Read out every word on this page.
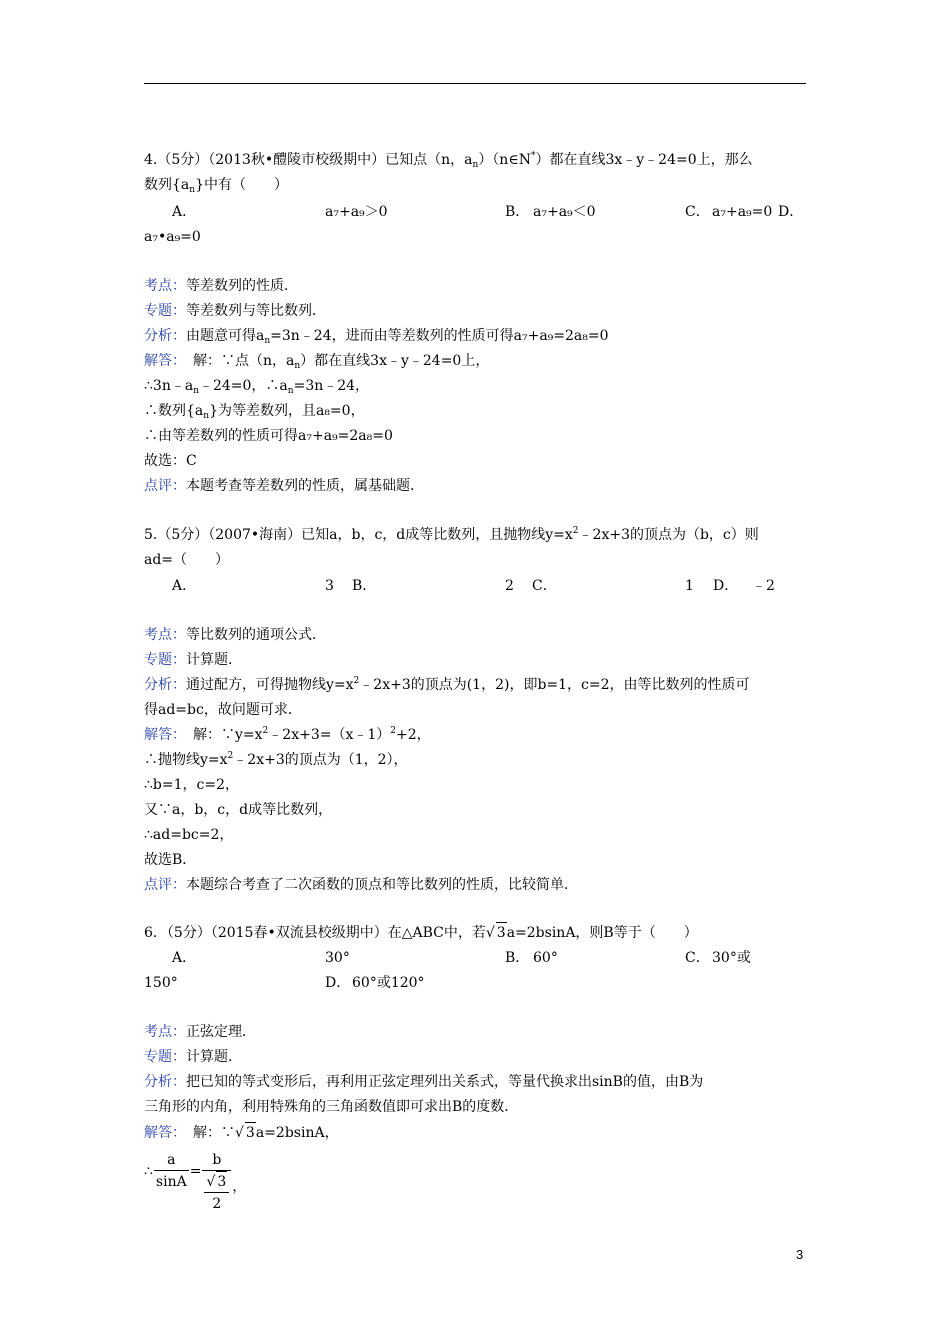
4.（5分）（2013秋•醴陵市校级期中）已知点（n，$a_n)(n\in N^*)$都在直线3x﹣y﹣24=0上，那么
数列$\{a_n\}$中有（　　）
A．	a₇+a₉＞0	B． a₇+a₉＜0	C． a₇+a₉=0 D．
a₇•a₉=0
考点：等差数列的性质．
专题：等差数列与等比数列．
分析：由题意可得$a_n=3n﹣24$，进而由等差数列的性质可得a₇+a₉=2a₈=0
解答：　解：∵点（n，$a_n$）都在直线3x﹣y﹣24=0上，
$\therefore 3n﹣a_n﹣24=0$，$\therefore a_n=3n﹣24$，
∴数列$\{a_n\}$为等差数列，且a₈=0，
∴由等差数列的性质可得a₇+a₉=2a₈=0
故选：C
点评：本题考查等差数列的性质，属基础题．
5.（5分）（2007•海南）已知a，b，c，d成等比数列，且抛物线$y=x^2﹣2x+3$的顶点为（b，c）则
ad=（　　）
A．	3 B．	2 C．	1 D． ﹣2
考点：等比数列的通项公式．
专题：计算题．
分析：通过配方，可得抛物线$y=x^2﹣2x+3$的顶点为(1，2)，即b=1，c=2，由等比数列的性质可
得ad=bc，故问题可求．
解答：　解：$\because y=x^2﹣2x+3=(x﹣1)^2+2$，
∴抛物线$y=x^2﹣2x+3$的顶点为（1，2），
∴b=1，c=2，
又∵a，b，c，d成等比数列，
∴ad=bc=2，
故选B．
点评：本题综合考查了二次函数的顶点和等比数列的性质，比较简单．
6．（5分）（2015春•双流县校级期中）在△ABC中，若√ 3a=2bsinA，则B等于（　　）
A．	30°	B． 60°	C． 30°或
150°	D． 60°或120°
考点：正弦定理．
专题：计算题．
分析：把已知的等式变形后，再利用正弦定理列出关系式，等量代换求出sinB的值，由B为
三角形的内角，利用特殊角的三角函数值即可求出B的度数．
解答：　解：∵√ 3a=2bsinA，
∴ $\frac{a}{\sin A} = \frac{b}{\frac{√ 3}{2}}$ ，
3
